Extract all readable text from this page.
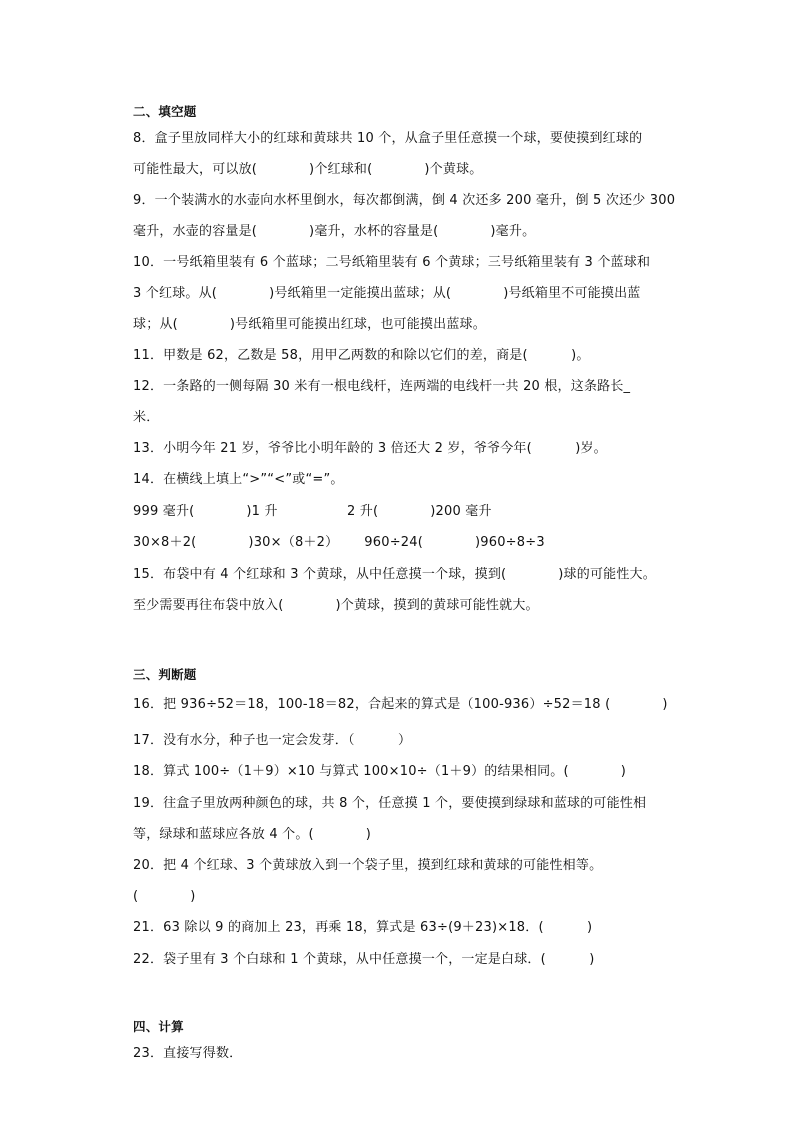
二、填空题
8．盒子里放同样大小的红球和黄球共 10 个，从盒子里任意摸一个球，要使摸到红球的
可能性最大，可以放(            )个红球和(            )个黄球。
9．一个装满水的水壶向水杯里倒水，每次都倒满，倒 4 次还多 200 毫升，倒 5 次还少 300
毫升，水壶的容量是(            )毫升，水杯的容量是(            )毫升。
10．一号纸箱里装有 6 个蓝球；二号纸箱里装有 6 个黄球；三号纸箱里装有 3 个蓝球和
3 个红球。从(            )号纸箱里一定能摸出蓝球；从(            )号纸箱里不可能摸出蓝
球；从(            )号纸箱里可能摸出红球，也可能摸出蓝球。
11．甲数是 62，乙数是 58，用甲乙两数的和除以它们的差，商是(          )。
12．一条路的一侧每隔 30 米有一根电线杆，连两端的电线杆一共 20 根，这条路长_
米．
13．小明今年 21 岁，爷爷比小明年龄的 3 倍还大 2 岁，爷爷今年(          )岁。
14．在横线上填上“>”“<”或“=”。
999 毫升(            )1 升                2 升(            )200 毫升
30×8＋2(            )30×（8＋2）      960÷24(            )960÷8÷3
15．布袋中有 4 个红球和 3 个黄球，从中任意摸一个球，摸到(            )球的可能性大。
至少需要再往布袋中放入(            )个黄球，摸到的黄球可能性就大。
三、判断题
16．把 936÷52＝18，100-18＝82，合起来的算式是（100-936）÷52＝18 (            )
17．没有水分，种子也一定会发芽．（          ）
18．算式 100÷（1＋9）×10 与算式 100×10÷（1＋9）的结果相同。(            )
19．往盒子里放两种颜色的球，共 8 个，任意摸 1 个，要使摸到绿球和蓝球的可能性相
等，绿球和蓝球应各放 4 个。(            )
20．把 4 个红球、3 个黄球放入到一个袋子里，摸到红球和黄球的可能性相等。
(            )
21．63 除以 9 的商加上 23，再乘 18，算式是 63÷(9＋23)×18．(          )
22．袋子里有 3 个白球和 1 个黄球，从中任意摸一个，一定是白球．(          )
四、计算
23．直接写得数．
